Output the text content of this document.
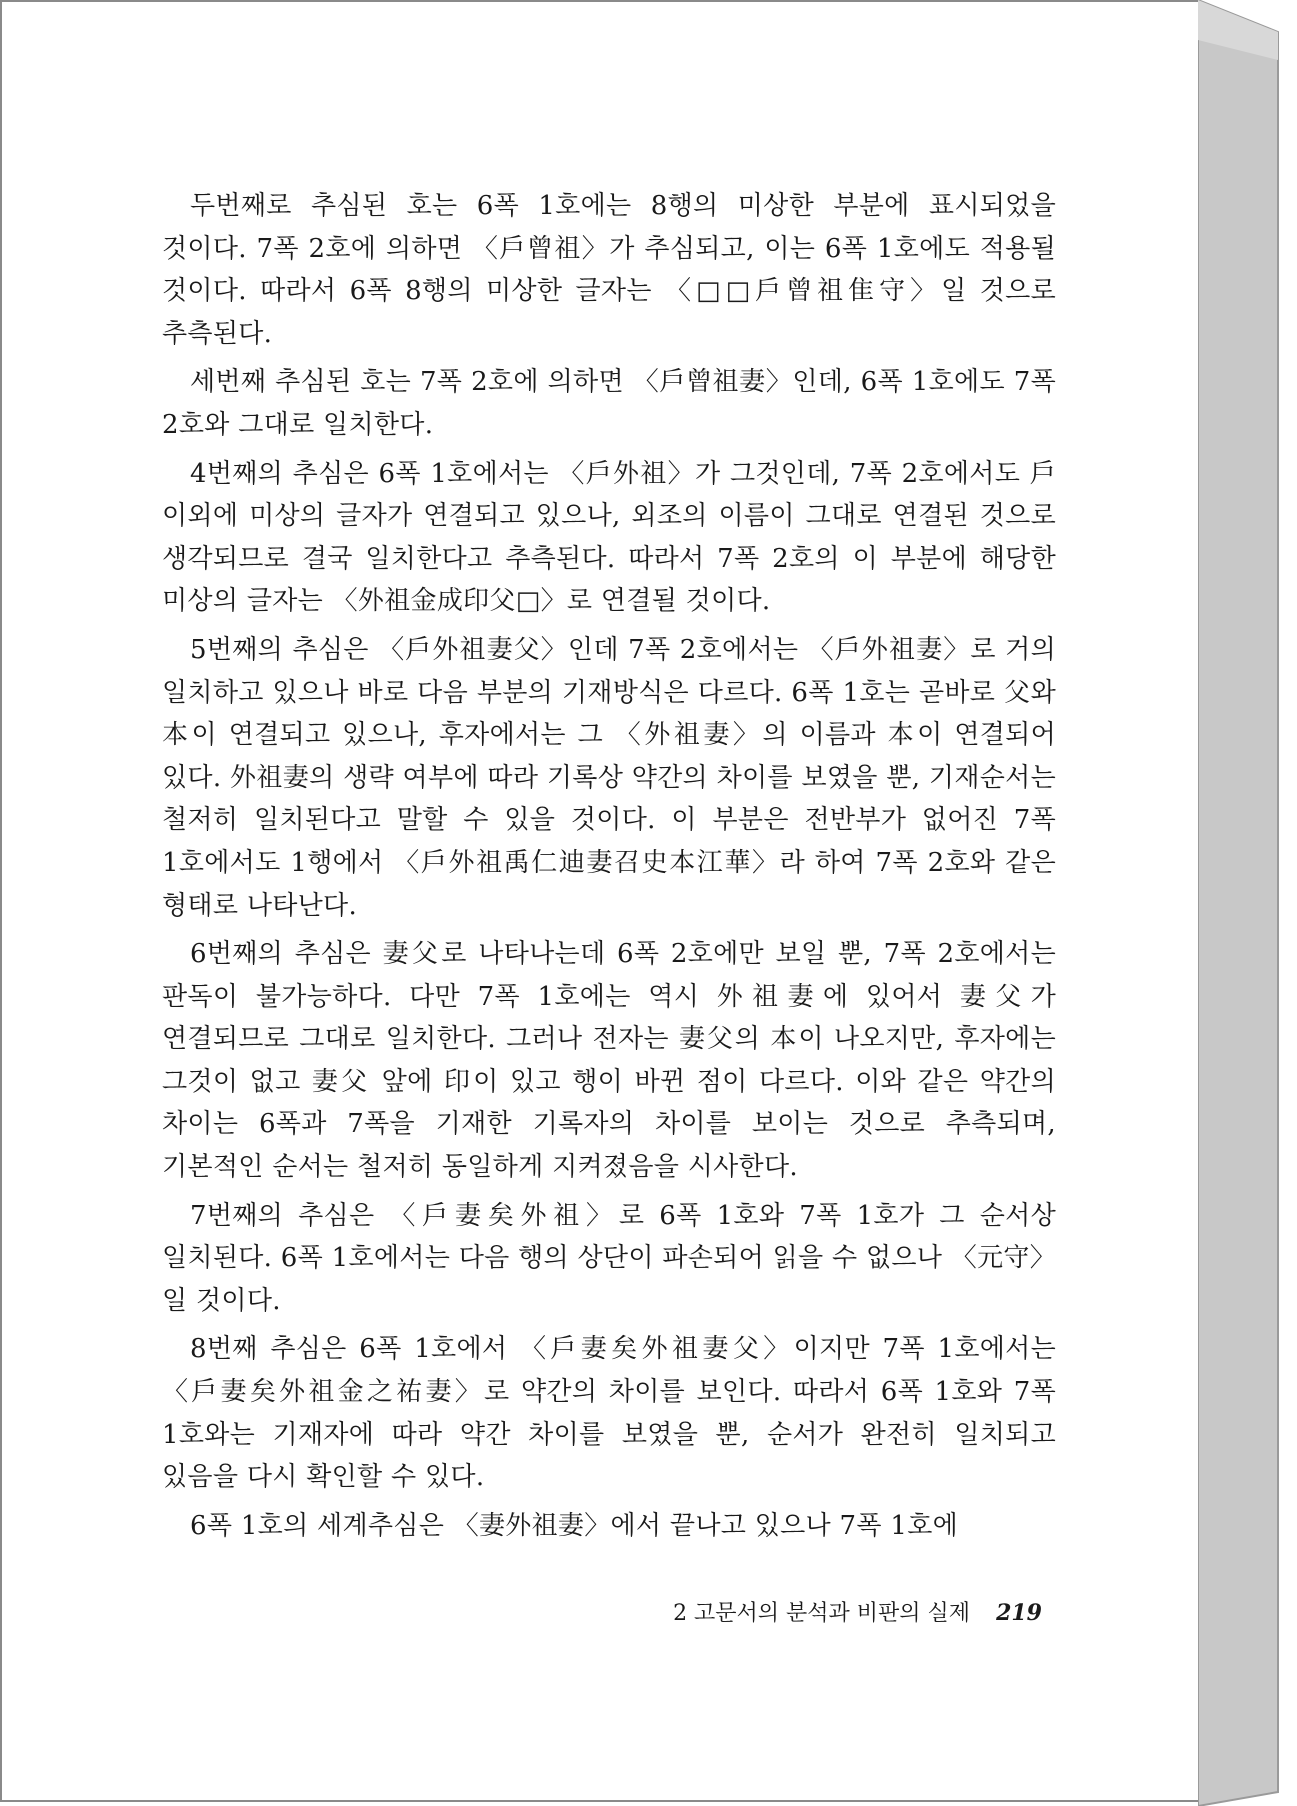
두번째로 추심된 호는 6폭 1호에는 8행의 미상한 부분에 표시되었을 것이다. 7폭 2호에 의하면 〈戶曾祖〉가 추심되고, 이는 6폭 1호에도 적용될 것이다. 따라서 6폭 8행의 미상한 글자는 〈□□戶曾祖隹守〉일 것으로 추측된다.

세번째 추심된 호는 7폭 2호에 의하면 〈戶曾祖妻〉인데, 6폭 1호에도 7폭 2호와 그대로 일치한다.

4번째의 추심은 6폭 1호에서는 〈戶外祖〉가 그것인데, 7폭 2호에서도 戶 이외에 미상의 글자가 연결되고 있으나, 외조의 이름이 그대로 연결된 것으로 생각되므로 결국 일치한다고 추측된다. 따라서 7폭 2호의 이 부분에 해당한 미상의 글자는 〈外祖金成印父□〉로 연결될 것이다.

5번째의 추심은 〈戶外祖妻父〉인데 7폭 2호에서는 〈戶外祖妻〉로 거의 일치하고 있으나 바로 다음 부분의 기재방식은 다르다. 6폭 1호는 곧바로 父와 本이 연결되고 있으나, 후자에서는 그 〈外祖妻〉의 이름과 本이 연결되어 있다. 外祖妻의 생략 여부에 따라 기록상 약간의 차이를 보였을 뿐, 기재순서는 철저히 일치된다고 말할 수 있을 것이다. 이 부분은 전반부가 없어진 7폭 1호에서도 1행에서 〈戶外祖禹仁迪妻召史本江華〉라 하여 7폭 2호와 같은 형태로 나타난다.

6번째의 추심은 妻父로 나타나는데 6폭 2호에만 보일 뿐, 7폭 2호에서는 판독이 불가능하다. 다만 7폭 1호에는 역시 外祖妻에 있어서 妻父가 연결되므로 그대로 일치한다. 그러나 전자는 妻父의 本이 나오지만, 후자에는 그것이 없고 妻父 앞에 印이 있고 행이 바뀐 점이 다르다. 이와 같은 약간의 차이는 6폭과 7폭을 기재한 기록자의 차이를 보이는 것으로 추측되며, 기본적인 순서는 철저히 동일하게 지켜졌음을 시사한다.

7번째의 추심은 〈戶妻矣外祖〉로 6폭 1호와 7폭 1호가 그 순서상 일치된다. 6폭 1호에서는 다음 행의 상단이 파손되어 읽을 수 없으나 〈元守〉일 것이다.

8번째 추심은 6폭 1호에서 〈戶妻矣外祖妻父〉이지만 7폭 1호에서는 〈戶妻矣外祖金之祐妻〉로 약간의 차이를 보인다. 따라서 6폭 1호와 7폭 1호와는 기재자에 따라 약간 차이를 보였을 뿐, 순서가 완전히 일치되고 있음을 다시 확인할 수 있다.

6폭 1호의 세계추심은 〈妻外祖妻〉에서 끝나고 있으나 7폭 1호에

2 고문서의 분석과 비판의 실제 219
